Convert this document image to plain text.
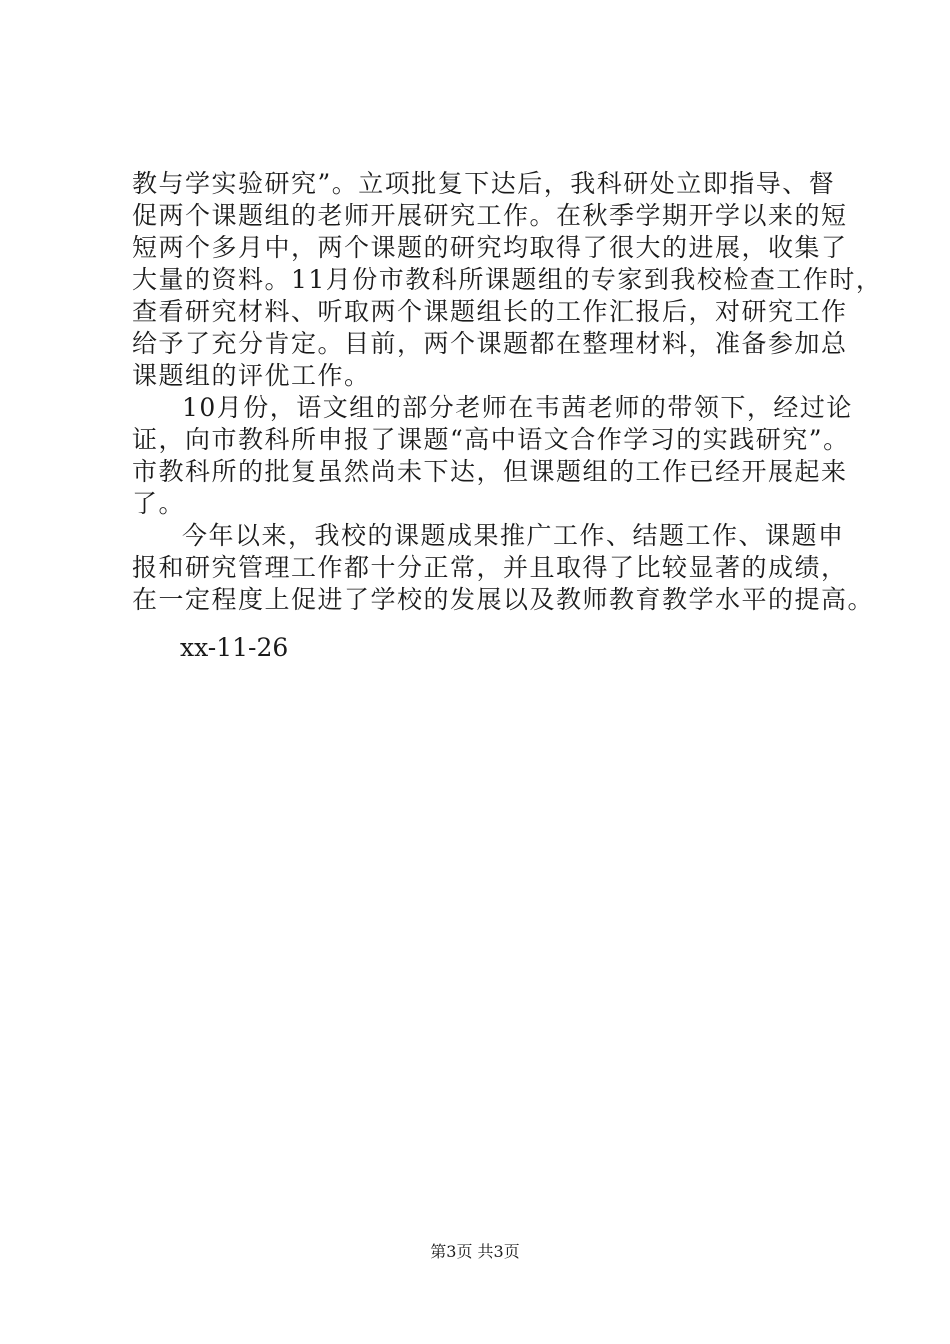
教与学实验研究”。立项批复下达后，我科研处立即指导、督
促两个课题组的老师开展研究工作。在秋季学期开学以来的短
短两个多月中，两个课题的研究均取得了很大的进展，收集了
大量的资料。11月份市教科所课题组的专家到我校检查工作时，
查看研究材料、听取两个课题组长的工作汇报后，对研究工作
给予了充分肯定。目前，两个课题都在整理材料，准备参加总
课题组的评优工作。
10月份，语文组的部分老师在韦茜老师的带领下，经过论
证，向市教科所申报了课题“高中语文合作学习的实践研究”。
市教科所的批复虽然尚未下达，但课题组的工作已经开展起来
了。
今年以来，我校的课题成果推广工作、结题工作、课题申
报和研究管理工作都十分正常，并且取得了比较显著的成绩，
在一定程度上促进了学校的发展以及教师教育教学水平的提高。
xx-11-26
第3页 共3页
